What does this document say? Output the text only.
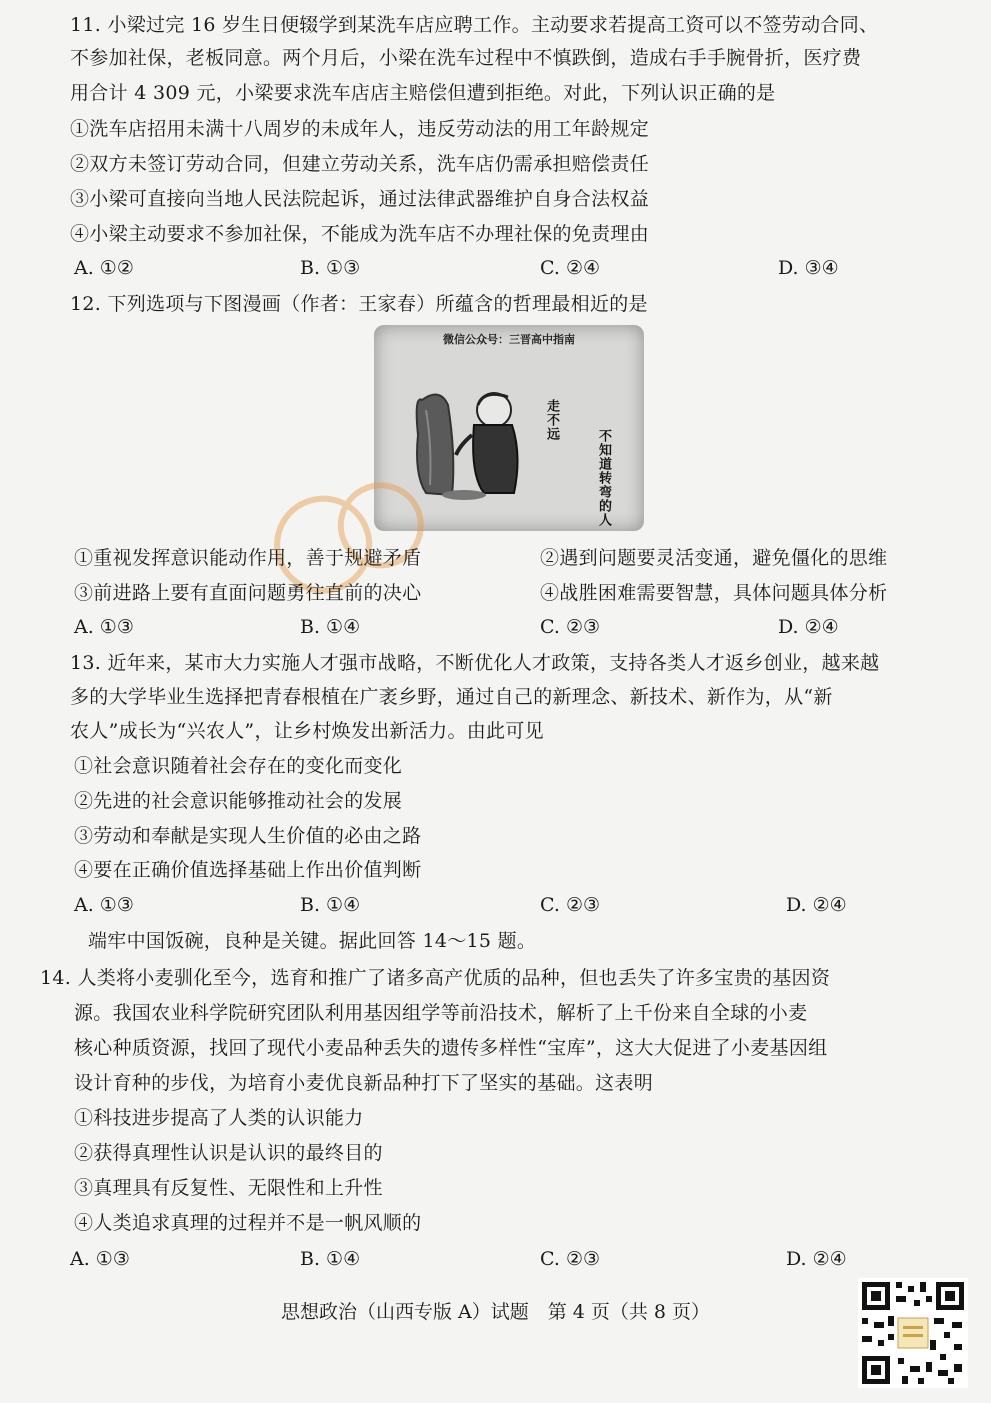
11. 小梁过完 16 岁生日便辍学到某洗车店应聘工作。主动要求若提高工资可以不签劳动合同、
不参加社保，老板同意。两个月后，小梁在洗车过程中不慎跌倒，造成右手手腕骨折，医疗费
用合计 4 309 元，小梁要求洗车店店主赔偿但遭到拒绝。对此，下列认识正确的是
①洗车店招用未满十八周岁的未成年人，违反劳动法的用工年龄规定
②双方未签订劳动合同，但建立劳动关系，洗车店仍需承担赔偿责任
③小梁可直接向当地人民法院起诉，通过法律武器维护自身合法权益
④小梁主动要求不参加社保，不能成为洗车店不办理社保的免责理由
A. ①②	B. ①③	C. ②④	D. ③④
12. 下列选项与下图漫画（作者：王家春）所蕴含的哲理最相近的是
微信公众号：三晋高中指南
不知道转弯的人
走不远
①重视发挥意识能动作用，善于规避矛盾	②遇到问题要灵活变通，避免僵化的思维
③前进路上要有直面问题勇往直前的决心	④战胜困难需要智慧，具体问题具体分析
A. ①③	B. ①④	C. ②③	D. ②④
13. 近年来，某市大力实施人才强市战略，不断优化人才政策，支持各类人才返乡创业，越来越
多的大学毕业生选择把青春根植在广袤乡野，通过自己的新理念、新技术、新作为，从“新
农人”成长为“兴农人”，让乡村焕发出新活力。由此可见
①社会意识随着社会存在的变化而变化
②先进的社会意识能够推动社会的发展
③劳动和奉献是实现人生价值的必由之路
④要在正确价值选择基础上作出价值判断
A. ①③	B. ①④	C. ②③	D. ②④
端牢中国饭碗，良种是关键。据此回答 14～15 题。
14. 人类将小麦驯化至今，选育和推广了诸多高产优质的品种，但也丢失了许多宝贵的基因资
源。我国农业科学院研究团队利用基因组学等前沿技术，解析了上千份来自全球的小麦
核心种质资源，找回了现代小麦品种丢失的遗传多样性“宝库”，这大大促进了小麦基因组
设计育种的步伐，为培育小麦优良新品种打下了坚实的基础。这表明
①科技进步提高了人类的认识能力
②获得真理性认识是认识的最终目的
③真理具有反复性、无限性和上升性
④人类追求真理的过程并不是一帆风顺的
A. ①③	B. ①④	C. ②③	D. ②④
思想政治（山西专版 A）试题　第 4 页（共 8 页）
